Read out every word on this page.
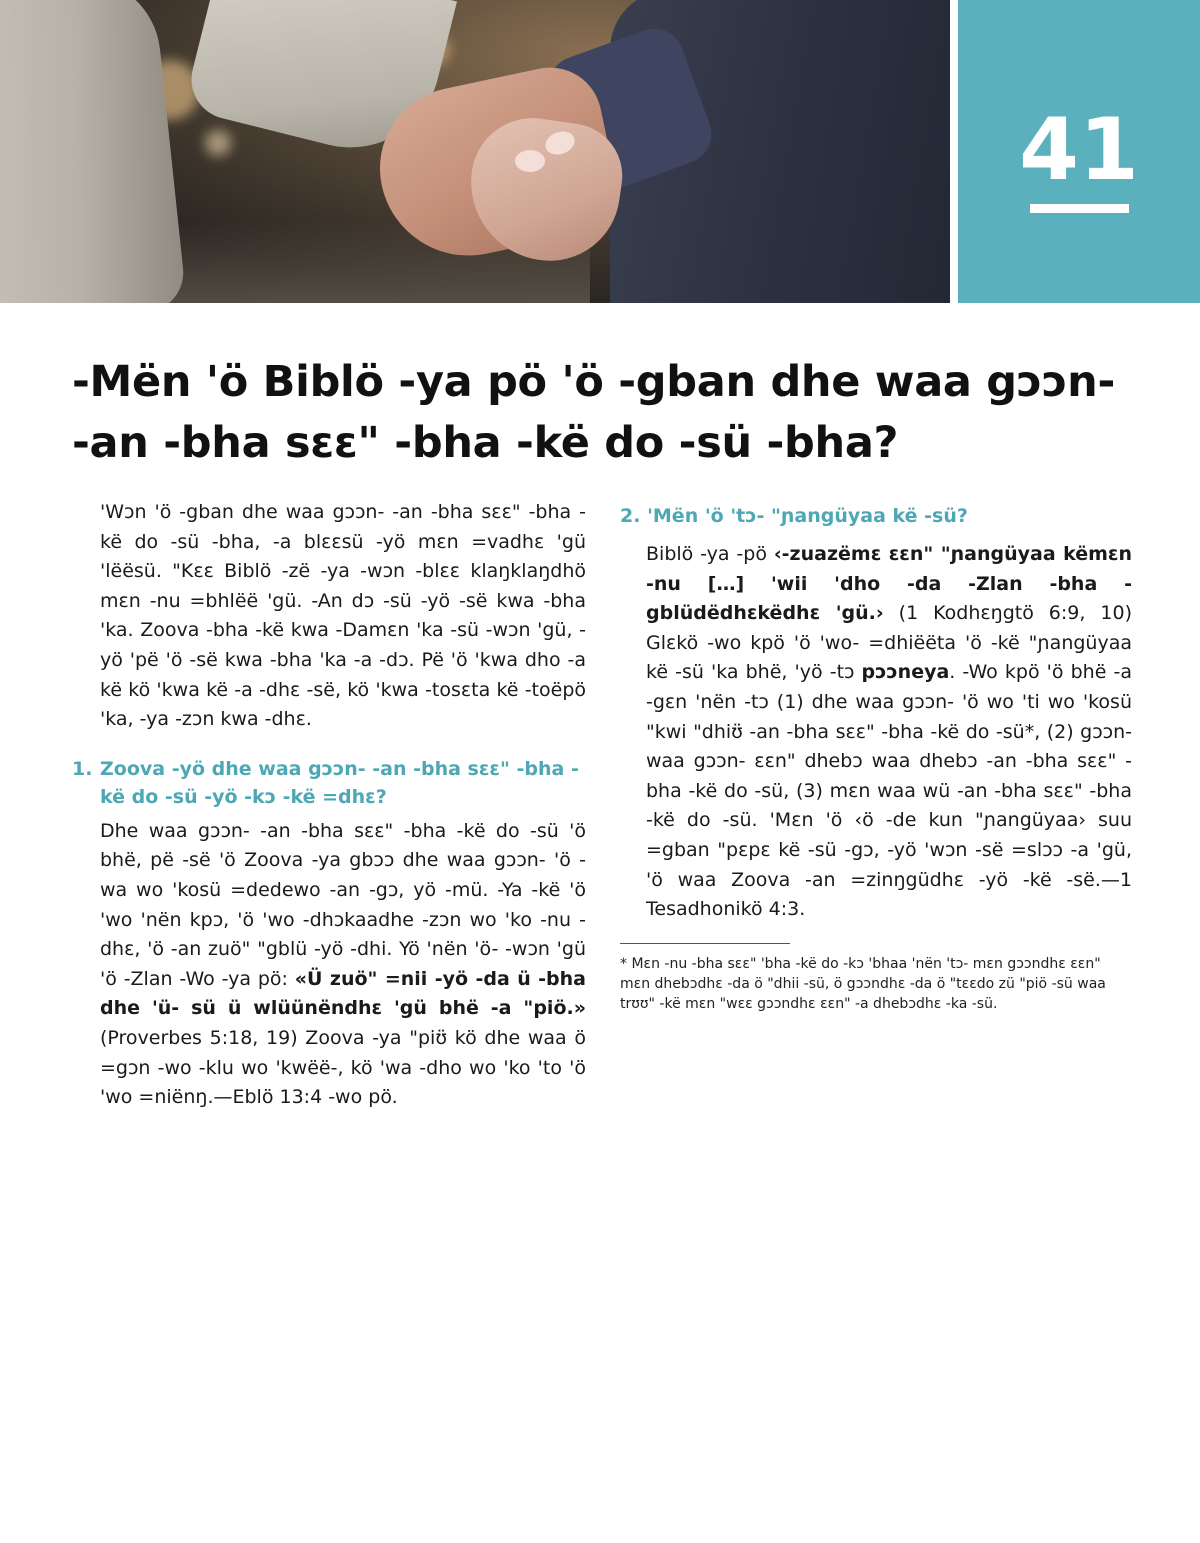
41
-Mën 'ö Biblö -ya pö 'ö -gban dhe waa gɔɔn- -an -bha sɛɛ" -bha -kë do -sü -bha?

'Wɔn 'ö -gban dhe waa gɔɔn- -an -bha sɛɛ" -bha -kë do -sü -bha, -a blɛɛsü -yö mɛn =vadhɛ 'gü 'lëësü. "Kɛɛ Biblö -zë -ya -wɔn -blɛɛ klaŋklaŋdhö mɛn -nu =bhlëë 'gü. -An dɔ -sü -yö -së kwa -bha 'ka. Zoova -bha -kë kwa -Damɛn 'ka -sü -wɔn 'gü, -yö 'pë 'ö -së kwa -bha 'ka -a -dɔ. Pë 'ö 'kwa dho -a kë kö 'kwa kë -a -dhɛ -së, kö 'kwa -tosɛta kë -toëpö 'ka, -ya -zɔn kwa -dhɛ.

1. Zoova -yö dhe waa gɔɔn- -an -bha sɛɛ" -bha -kë do -sü -yö -kɔ -kë =dhɛ?

Dhe waa gɔɔn- -an -bha sɛɛ" -bha -kë do -sü 'ö bhë, pë -së 'ö Zoova -ya gbɔɔ dhe waa gɔɔn- 'ö -wa wo 'kosü =dedewo -an -gɔ, yö -mü. -Ya -kë 'ö 'wo 'nën kpɔ, 'ö 'wo -dhɔkaadhe -zɔn wo 'ko -nu -dhɛ, 'ö -an zuö" "gblü -yö -dhi. Yö 'nën 'ö- -wɔn 'gü 'ö -Zlan -Wo -ya pö: «Ü zuö" =nii -yö -da ü -bha dhe 'ü- sü ü wlüünëndhɛ 'gü bhë -a "piö.» (Proverbes 5:18, 19) Zoova -ya "piʊ̈ kö dhe waa ö =gɔn -wo -klu wo 'kwëë-, kö 'wa -dho wo 'ko 'to 'ö 'wo =niënŋ.—Eblö 13:4 -wo pö.

2. 'Mën 'ö 'tɔ- "ɲangüyaa kë -sü?

Biblö -ya -pö ‹-zuazëmɛ ɛɛn" "ɲangüyaa këmɛn -nu […] 'wii 'dho -da -Zlan -bha -gblüdëdhɛkëdhɛ 'gü.› (1 Kodhɛŋgtö 6:9, 10) Glɛkö -wo kpö 'ö 'wo- =dhiëëta 'ö -kë "ɲangüyaa kë -sü 'ka bhë, 'yö -tɔ pɔɔneya. -Wo kpö 'ö bhë -a -gɛn 'nën -tɔ (1) dhe waa gɔɔn- 'ö wo 'ti wo 'kosü "kwi "dhiʊ̈ -an -bha sɛɛ" -bha -kë do -sü*, (2) gɔɔn- waa gɔɔn- ɛɛn" dhebɔ waa dhebɔ -an -bha sɛɛ" -bha -kë do -sü, (3) mɛn waa wü -an -bha sɛɛ" -bha -kë do -sü. 'Mɛn 'ö ‹ö -de kun "ɲangüyaa› suu =gban "pɛpɛ kë -sü -gɔ, -yö 'wɔn -së =slɔɔ -a 'gü, 'ö waa Zoova -an =zinŋgüdhɛ -yö -kë -së.—1 Tesadhonikö 4:3.

* Mɛn -nu -bha sɛɛ" 'bha -kë do -kɔ 'bhaa 'nën 'tɔ- mɛn gɔɔndhɛ ɛɛn" mɛn dhebɔdhɛ -da ö "dhii -sü, ö gɔɔndhɛ -da ö "tɛɛdo zü "piö -sü waa trʊʊ" -kë mɛn "wɛɛ gɔɔndhɛ ɛɛn" -a dhebɔdhɛ -ka -sü.
